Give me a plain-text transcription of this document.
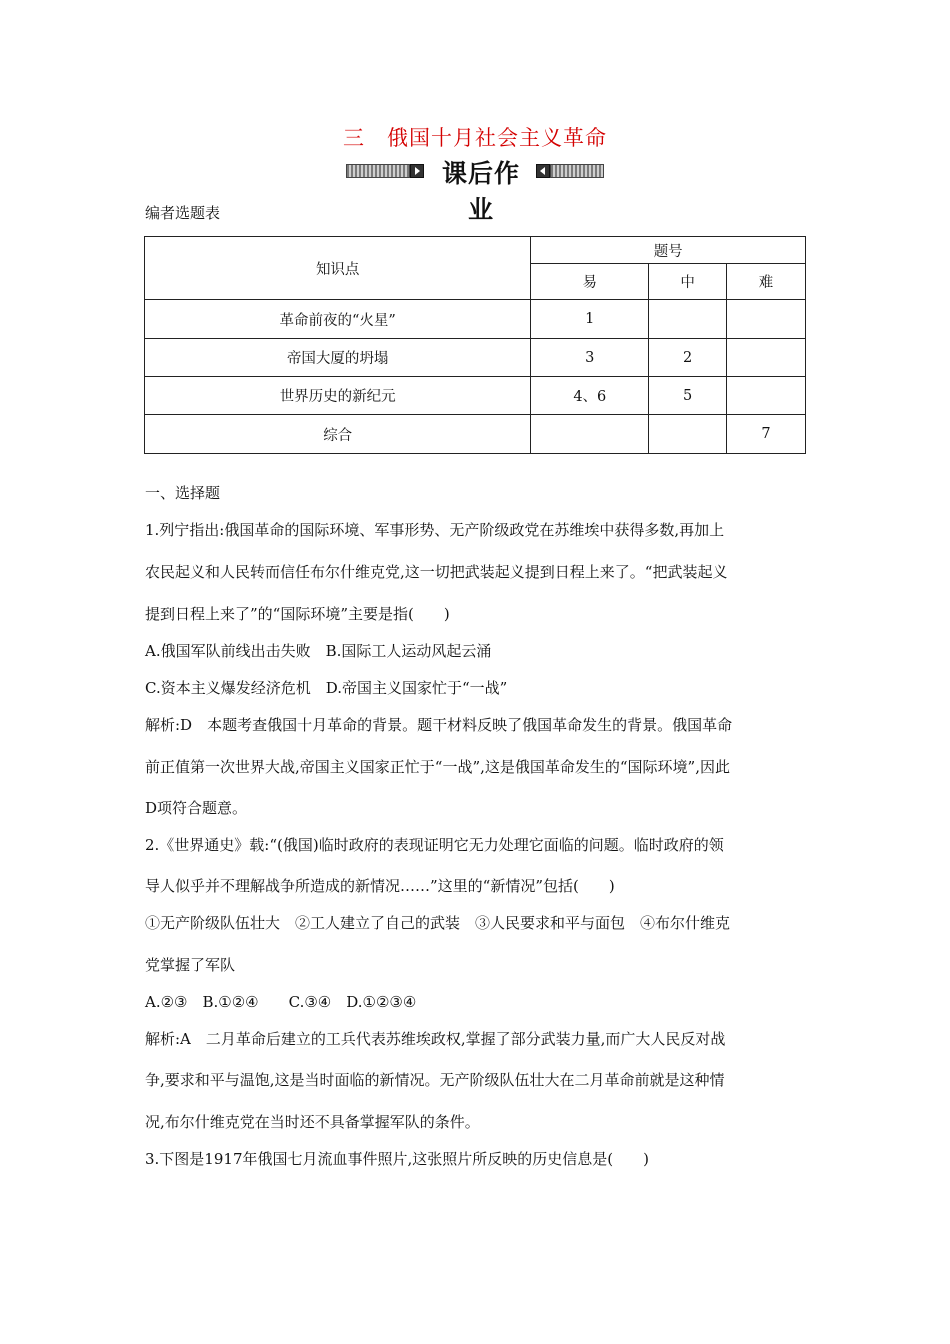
三　俄国十月社会主义革命
课后作业
编者选题表
知识点	题号		
	易	中	难
革命前夜的“火星”	1		
帝国大厦的坍塌	3	2	
世界历史的新纪元	4、6	5	
综合			7

一、选择题

1.列宁指出:俄国革命的国际环境、军事形势、无产阶级政党在苏维埃中获得多数,再加上

农民起义和人民转而信任布尔什维克党,这一切把武装起义提到日程上来了。“把武装起义

提到日程上来了”的“国际环境”主要是指(　　)

A.俄国军队前线出击失败　B.国际工人运动风起云涌

C.资本主义爆发经济危机　D.帝国主义国家忙于“一战”

解析:D　本题考查俄国十月革命的背景。题干材料反映了俄国革命发生的背景。俄国革命

前正值第一次世界大战,帝国主义国家正忙于“一战”,这是俄国革命发生的“国际环境”,因此

D项符合题意。

2.《世界通史》载:“(俄国)临时政府的表现证明它无力处理它面临的问题。临时政府的领

导人似乎并不理解战争所造成的新情况……”这里的“新情况”包括(　　)

①无产阶级队伍壮大　②工人建立了自己的武装　③人民要求和平与面包　④布尔什维克

党掌握了军队

A.②③　B.①②④　　C.③④　D.①②③④

解析:A　二月革命后建立的工兵代表苏维埃政权,掌握了部分武装力量,而广大人民反对战

争,要求和平与温饱,这是当时面临的新情况。无产阶级队伍壮大在二月革命前就是这种情

况,布尔什维克党在当时还不具备掌握军队的条件。

3.下图是1917年俄国七月流血事件照片,这张照片所反映的历史信息是(　　)
